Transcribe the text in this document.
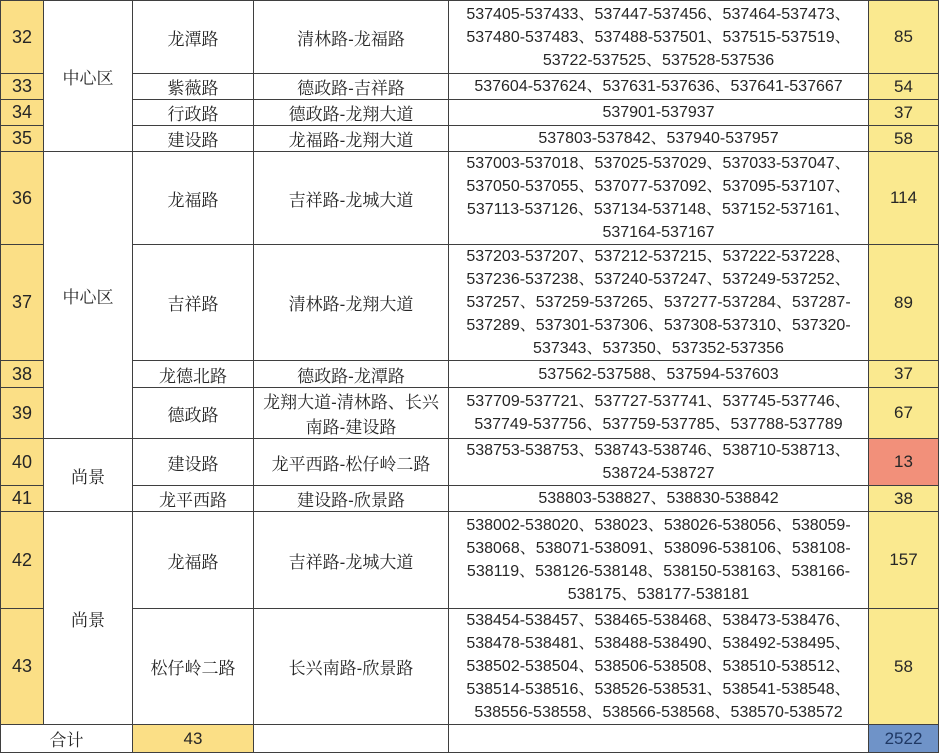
32	中心区	龙潭路	清林路-龙福路	537405-537433、537447-537456、537464-537473、537480-537483、537488-537501、537515-537519、53722-537525、537528-537536	85
33		紫薇路	德政路-吉祥路	537604-537624、537631-537636、537641-537667	54
34		行政路	德政路-龙翔大道	537901-537937	37
35		建设路	龙福路-龙翔大道	537803-537842、537940-537957	58
36	中心区	龙福路	吉祥路-龙城大道	537003-537018、537025-537029、537033-537047、537050-537055、537077-537092、537095-537107、537113-537126、537134-537148、537152-537161、537164-537167	114
37		吉祥路	清林路-龙翔大道	537203-537207、537212-537215、537222-537228、537236-537238、537240-537247、537249-537252、537257、537259-537265、537277-537284、537287-537289、537301-537306、537308-537310、537320-537343、537350、537352-537356	89
38		龙德北路	德政路-龙潭路	537562-537588、537594-537603	37
39		德政路	龙翔大道-清林路、长兴南路-建设路	537709-537721、537727-537741、537745-537746、537749-537756、537759-537785、537788-537789	67
40	尚景	建设路	龙平西路-松仔岭二路	538753-538753、538743-538746、538710-538713、538724-538727	13
41		龙平西路	建设路-欣景路	538803-538827、538830-538842	38
42	尚景	龙福路	吉祥路-龙城大道	538002-538020、538023、538026-538056、538059-538068、538071-538091、538096-538106、538108-538119、538126-538148、538150-538163、538166-538175、538177-538181	157
43		松仔岭二路	长兴南路-欣景路	538454-538457、538465-538468、538473-538476、538478-538481、538488-538490、538492-538495、538502-538504、538506-538508、538510-538512、538514-538516、538526-538531、538541-538548、538556-538558、538566-538568、538570-538572	58
合计		43			2522
